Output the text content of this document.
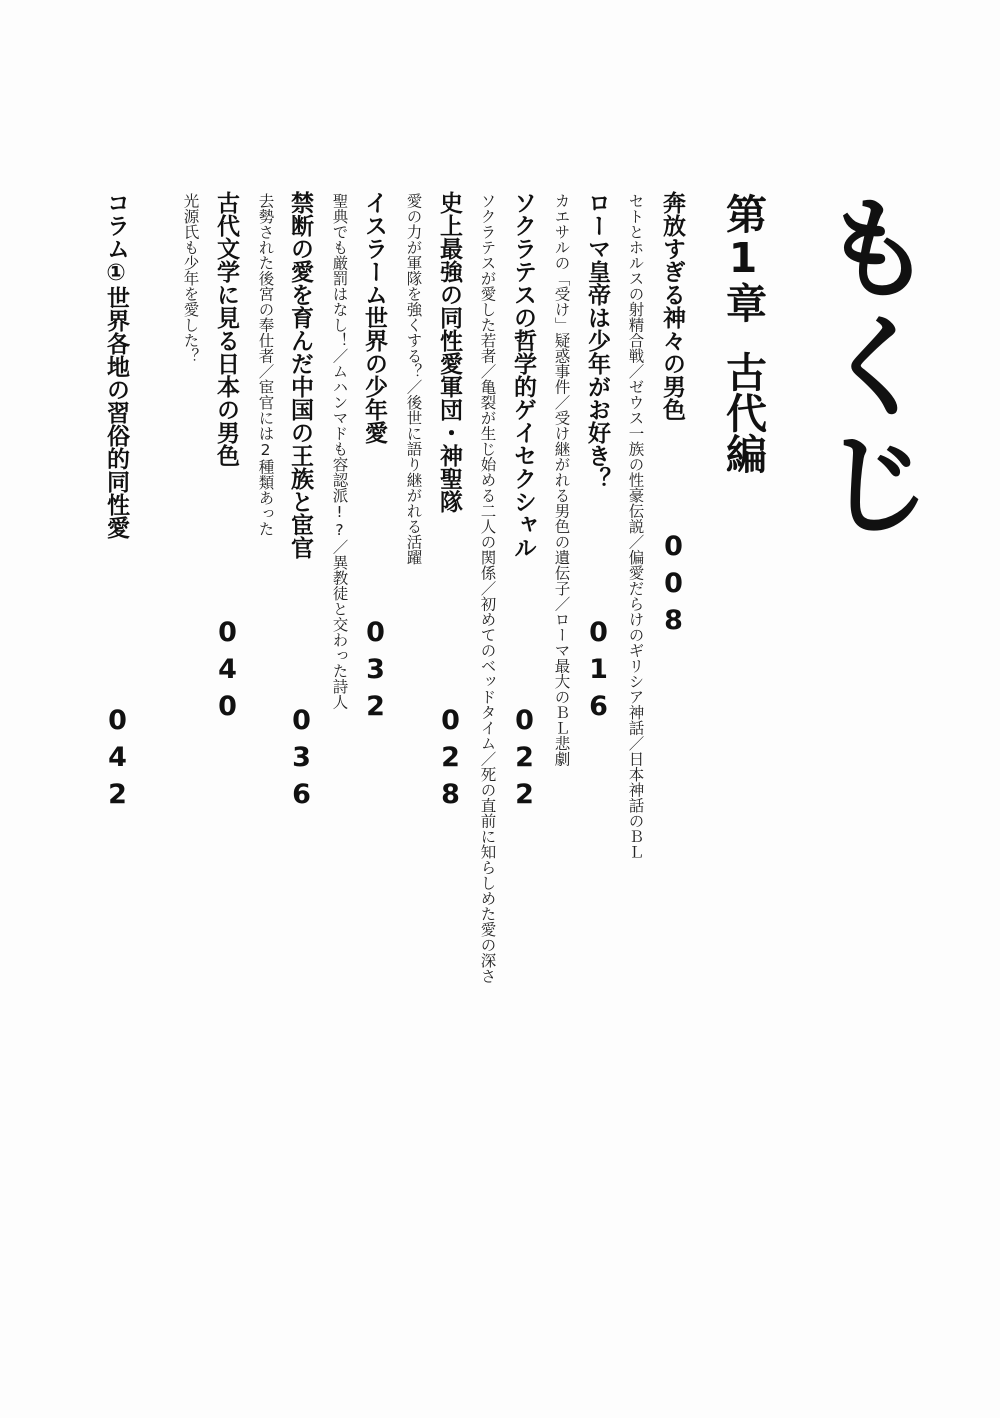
もくじ
第1章古代編
奔放すぎる神々の男色
セトとホルスの射精合戦／ゼウス一族の性豪伝説／偏愛だらけのギリシア神話／日本神話のＢＬ 008
ローマ皇帝は少年がお好き？
カエサルの「受け」疑惑事件／受け継がれる男色の遺伝子／ローマ最大のＢＬ悲劇 016
ソクラテスの哲学的ゲイセクシャル
ソクラテスが愛した若者／亀裂が生じ始める二人の関係／初めてのベッドタイム／死の直前に知らしめた愛の深さ 022
史上最強の同性愛軍団・神聖隊
愛の力が軍隊を強くする？／後世に語り継がれる活躍
028
イスラーム世界の少年愛
聖典でも厳罰はなし！／ムハンマドも容認派!?／異教徒と交わった詩人 032
禁断の愛を育んだ中国の王族と宦官
去勢された後宮の奉仕者／宦官には2種類あった
036
古代文学に見る日本の男色
光源氏も少年を愛した？
040
コラム①世界各地の習俗的同性愛
042
